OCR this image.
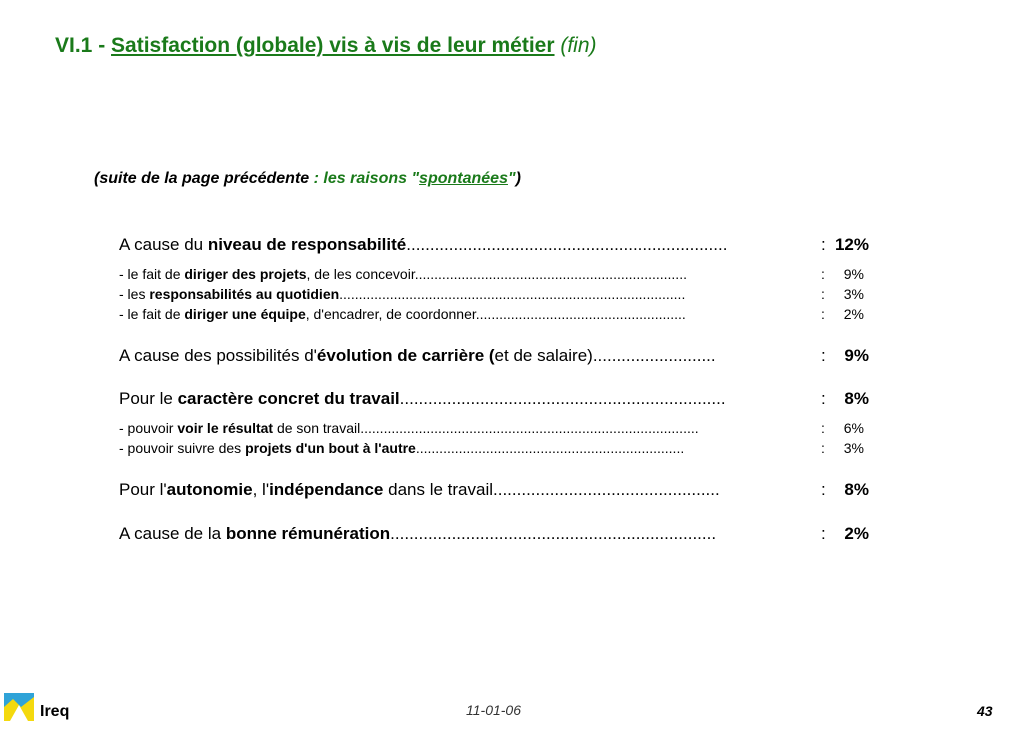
VI.1 - Satisfaction (globale) vis à vis de leur métier (fin)
(suite de la page précédente : les raisons "spontanées")
A cause du niveau de responsabilité....................................................................	: 12%
- le fait de diriger des projets, de les concevoir......................................................................	:	9%
- les responsabilités au quotidien.........................................................................................	:	3%
- le fait de diriger une équipe, d'encadrer, de coordonner......................................................	:	2%
A cause des possibilités d'évolution de carrière (et de salaire)..........................	:	9%
Pour le caractère concret du travail.....................................................................	:	8%
- pouvoir voir le résultat de son travail.......................................................................................	:	6%
- pouvoir suivre des projets d'un bout à l'autre.....................................................................	:	3%
Pour l'autonomie, l'indépendance dans le travail................................................	:	8%
A cause de la bonne rémunération.....................................................................	:	2%
Ireq	11-01-06	43
